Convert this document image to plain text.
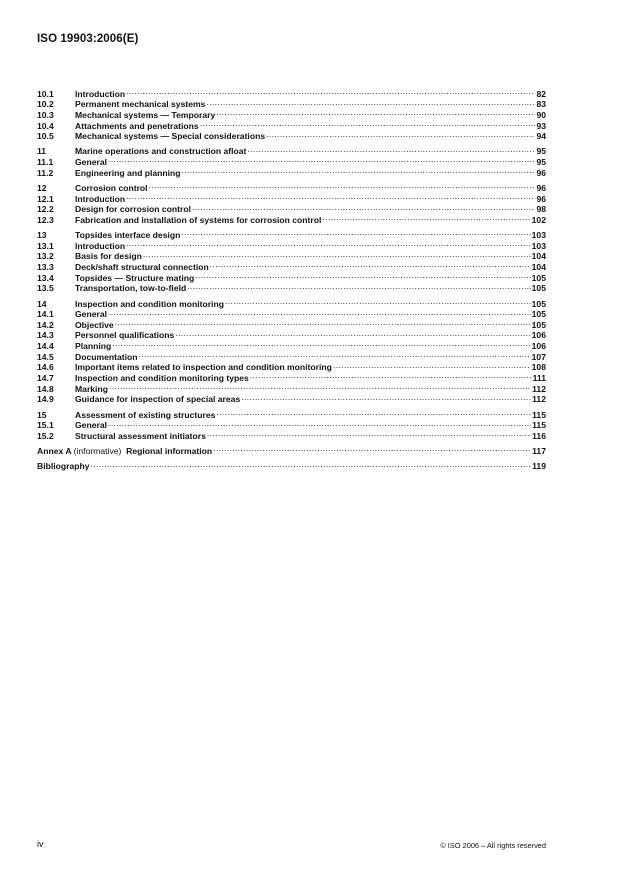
ISO 19903:2006(E)
10.1	Introduction .....	82
10.2	Permanent mechanical systems .....	83
10.3	Mechanical systems — Temporary .....	90
10.4	Attachments and penetrations .....	93
10.5	Mechanical systems — Special considerations .....	94
11	Marine operations and construction afloat .....	95
11.1	General .....	95
11.2	Engineering and planning .....	96
12	Corrosion control .....	96
12.1	Introduction .....	96
12.2	Design for corrosion control .....	98
12.3	Fabrication and installation of systems for corrosion control .....	102
13	Topsides interface design .....	103
13.1	Introduction .....	103
13.2	Basis for design .....	104
13.3	Deck/shaft structural connection .....	104
13.4	Topsides — Structure mating .....	105
13.5	Transportation, tow-to-field .....	105
14	Inspection and condition monitoring .....	105
14.1	General .....	105
14.2	Objective .....	105
14.3	Personnel qualifications .....	106
14.4	Planning .....	106
14.5	Documentation .....	107
14.6	Important items related to inspection and condition monitoring .....	108
14.7	Inspection and condition monitoring types .....	111
14.8	Marking .....	112
14.9	Guidance for inspection of special areas .....	112
15	Assessment of existing structures .....	115
15.1	General .....	115
15.2	Structural assessment initiators .....	116
Annex A (informative) Regional information .....	117
Bibliography .....	119
iv	© ISO 2006 – All rights reserved
